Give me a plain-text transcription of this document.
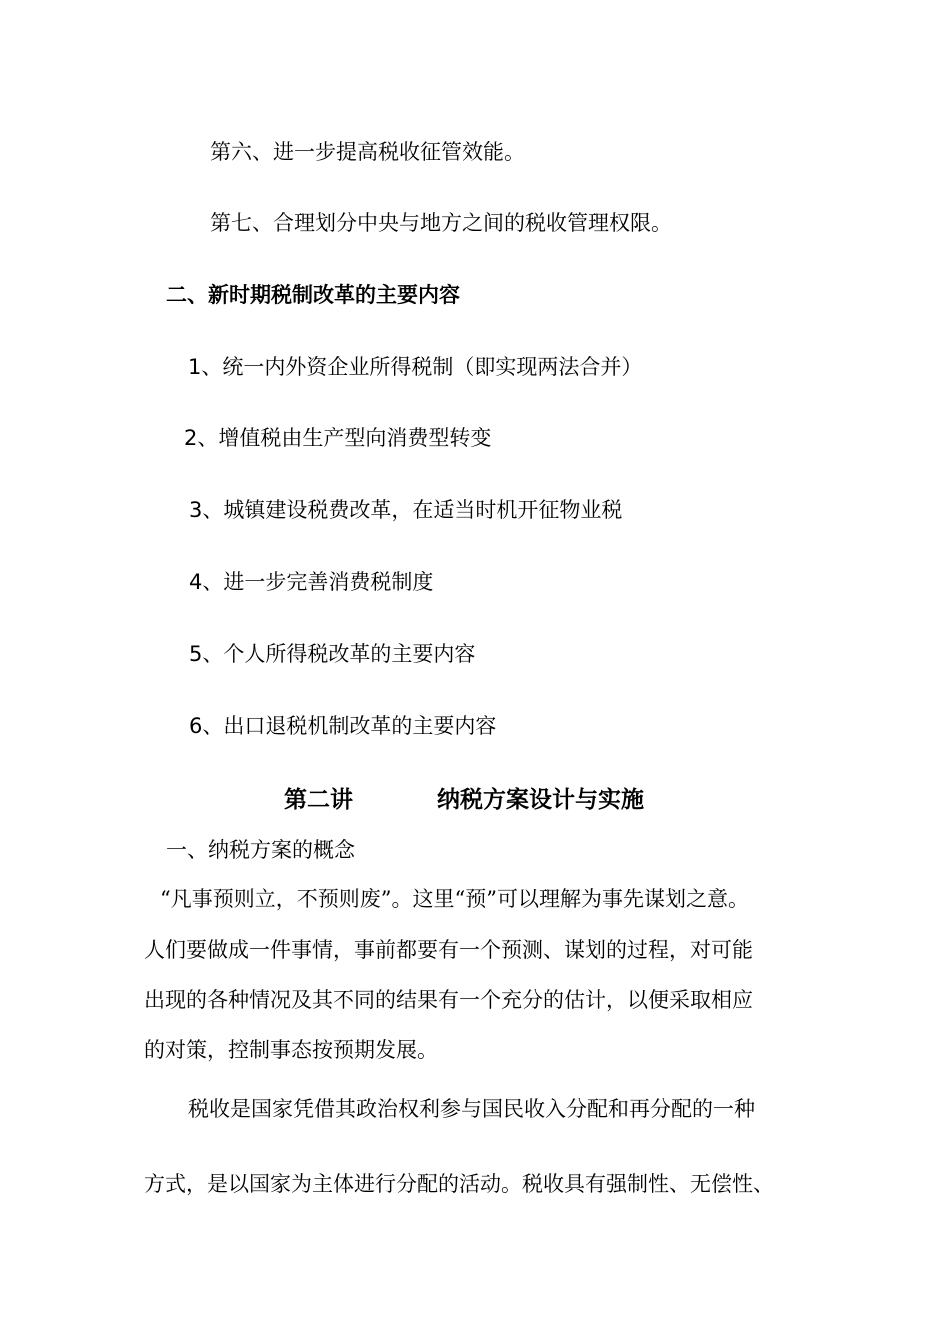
第六、进一步提高税收征管效能。
第七、合理划分中央与地方之间的税收管理权限。
二、新时期税制改革的主要内容
1、统一内外资企业所得税制（即实现两法合并）
2、增值税由生产型向消费型转变
3、城镇建设税费改革，在适当时机开征物业税
4、进一步完善消费税制度
5、个人所得税改革的主要内容
6、出口退税机制改革的主要内容
第二讲	纳税方案设计与实施
一、纳税方案的概念
“凡事预则立，不预则废”。这里“预”可以理解为事先谋划之意。
人们要做成一件事情，事前都要有一个预测、谋划的过程，对可能
出现的各种情况及其不同的结果有一个充分的估计，以便采取相应
的对策，控制事态按预期发展。
税收是国家凭借其政治权利参与国民收入分配和再分配的一种
方式，是以国家为主体进行分配的活动。税收具有强制性、无偿性、
